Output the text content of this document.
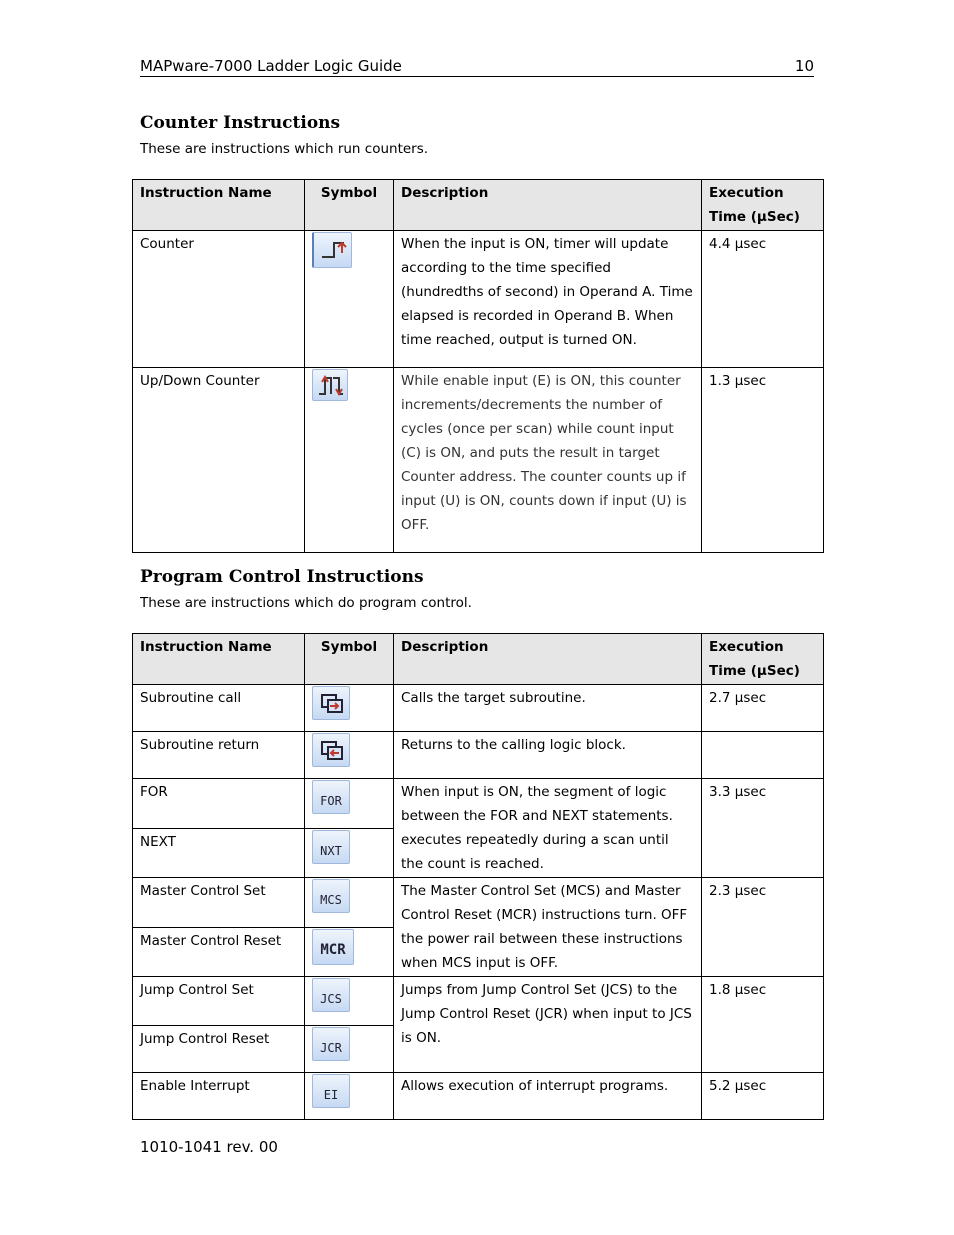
MAPware-7000 Ladder Logic Guide	10
Counter Instructions
These are instructions which run counters.
Instruction Name	Symbol	Description	Execution Time (µSec)
Counter		When the input is ON, timer will update according to the time specified (hundredths of second) in Operand A. Time elapsed is recorded in Operand B. When time reached, output is turned ON.	4.4 µsec
Up/Down Counter		While enable input (E) is ON, this counter increments/decrements the number of cycles (once per scan) while count input (C) is ON, and puts the result in target Counter address. The counter counts up if input (U) is ON, counts down if input (U) is OFF.	1.3 µsec
Program Control Instructions
These are instructions which do program control.
Instruction Name	Symbol	Description	Execution Time (µSec)
Subroutine call		Calls the target subroutine.	2.7 µsec
Subroutine return		Returns to the calling logic block.	
FOR	FOR	When input is ON, the segment of logic between the FOR and NEXT statements. executes repeatedly during a scan until the count is reached.	3.3 µsec
NEXT	NXT		

Master Control Set	MCS	The Master Control Set (MCS) and Master Control Reset (MCR) instructions turn. OFF the power rail between these instructions when MCS input is OFF.	2.3 µsec
Master Control Reset	MCR		

Jump Control Set	JCS	Jumps from Jump Control Set (JCS) to the Jump Control Reset (JCR) when input to JCS is ON.	1.8 µsec
Jump Control Reset	JCR		

Enable Interrupt	EI	Allows execution of interrupt programs.	5.2 µsec
1010-1041 rev. 00
